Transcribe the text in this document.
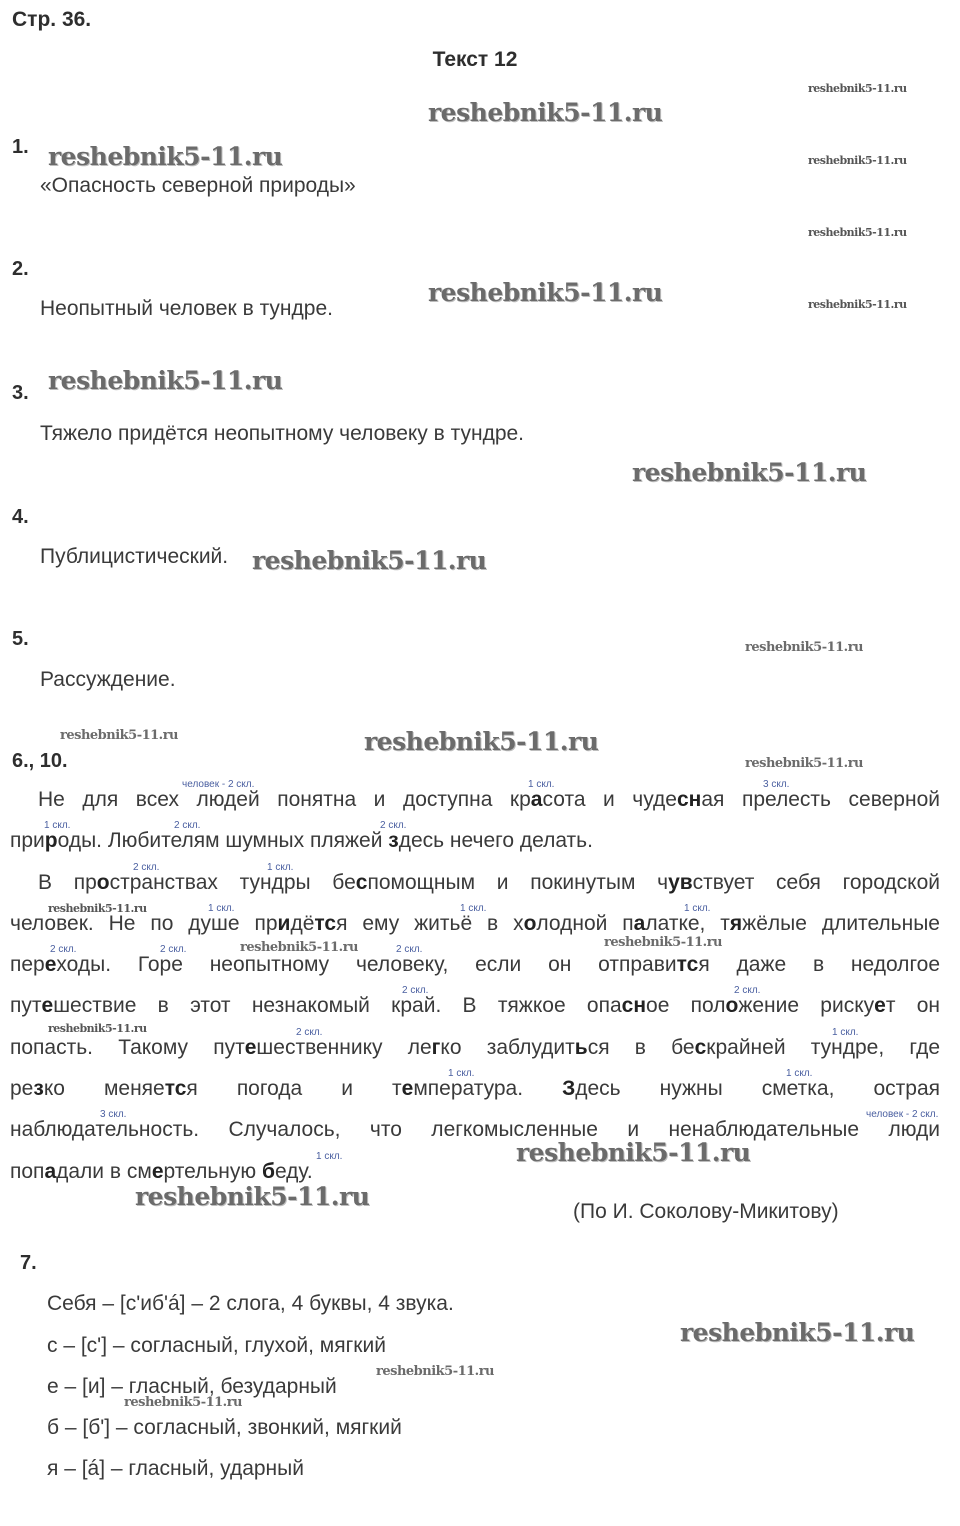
Стр. 36.
Текст 12
reshebnik5-11.ru
reshebnik5-11.ru
reshebnik5-11.ru	reshebnik5-11.ru
reshebnik5-11.ru
reshebnik5-11.ru	reshebnik5-11.ru
reshebnik5-11.ru
reshebnik5-11.ru
reshebnik5-11.ru
reshebnik5-11.ru
reshebnik5-11.ru	reshebnik5-11.ru
reshebnik5-11.ru
reshebnik5-11.ru
reshebnik5-11.ru	reshebnik5-11.ru
reshebnik5-11.ru
reshebnik5-11.ru
reshebnik5-11.ru
reshebnik5-11.ru
reshebnik5-11.ru
reshebnik5-11.ru
1.
«Опасность северной природы»
2.
Неопытный человек в тундре.
3.
Тяжело придётся неопытному человеку в тундре.
4.
Публицистический.
5.
Рассуждение.
6., 10.
человек - 2 скл.	1 скл.	3 скл.
Не для всех людей понятна и доступна красота и чудесная прелесть северной
1 скл.	2 скл.	2 скл.
природы. Любителям шумных пляжей здесь нечего делать.
2 скл.	1 скл.
В пространствах тундры беспомощным и покинутым чувствует себя городской
1 скл.	1 скл.	1 скл.
человек. Не по душе придётся ему житьё в холодной палатке, тяжёлые длительные
2 скл.	2 скл.	2 скл.
переходы. Горе неопытному человеку, если он отправится даже в недолгое
2 скл.	2 скл.
путешествие в этот незнакомый край. В тяжкое опасное положение рискует он
2 скл.	1 скл.
попасть. Такому путешественнику легко заблудиться в бескрайней тундре, где
1 скл.	1 скл.
резко меняется погода и температура. Здесь нужны сметка, острая
3 скл.	человек - 2 скл.
наблюдательность. Случалось, что легкомысленные и ненаблюдательные люди
1 скл.
попадали в смертельную беду.
(По И. Соколову-Микитову)
7.
Себя – [с'иб'á] – 2 слога, 4 буквы, 4 звука.
с – [с'] – согласный, глухой, мягкий
е – [и] – гласный, безударный
б – [б'] – согласный, звонкий, мягкий
я – [á] – гласный, ударный
